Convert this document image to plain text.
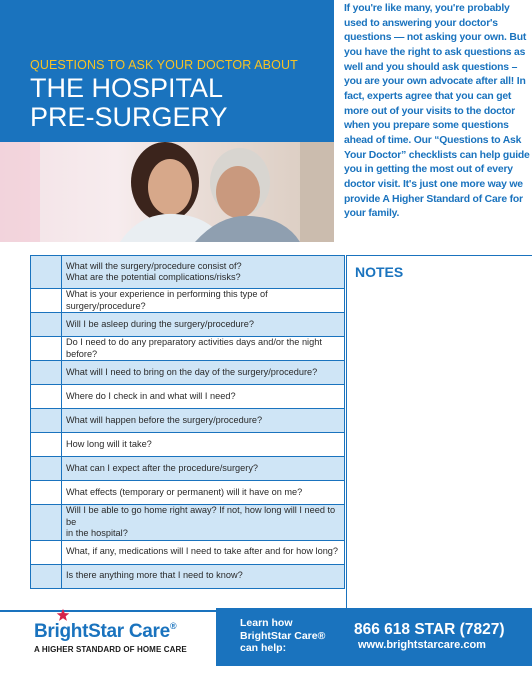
QUESTIONS TO ASK YOUR DOCTOR ABOUT
THE HOSPITAL
PRE-SURGERY
If you're like many, you're probably used to answering your doctor's questions — not asking your own. But you have the right to ask questions as well and you should ask questions – you are your own advocate after all! In fact, experts agree that you can get more out of your visits to the doctor when you prepare some questions ahead of time. Our “Questions to Ask Your Doctor” checklists can help guide you in getting the most out of every doctor visit. It's just one more way we provide A Higher Standard of Care for your family.
	What will the surgery/procedure consist of?
What are the potential complications/risks?
	What is your experience in performing this type of surgery/procedure?
	Will I be asleep during the surgery/procedure?
	Do I need to do any preparatory activities days and/or the night before?
	What will I need to bring on the day of the surgery/procedure?
	Where do I check in and what will I need?
	What will happen before the surgery/procedure?
	How long will it take?
	What can I expect after the procedure/surgery?
	What effects (temporary or permanent) will it have on me?
	Will I be able to go home right away? If not, how long will I need to be
in the hospital?
	What, if any, medications will I need to take after and for how long?
	Is there anything more that I need to know?
NOTES
BrightStar Care®
A HIGHER STANDARD OF HOME CARE
Learn how
BrightStar Care®
can help:
866 618 STAR (7827)
www.brightstarcare.com
